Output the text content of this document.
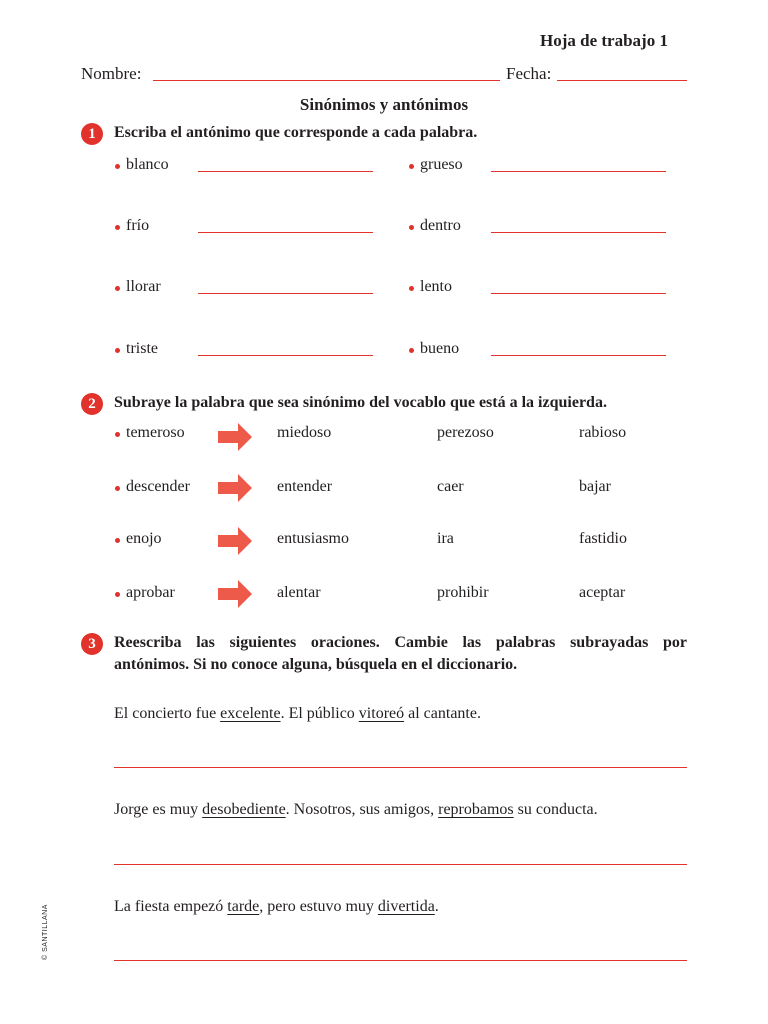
Hoja de trabajo 1
Nombre:	Fecha:
Sinónimos y antónimos
1	Escriba el antónimo que corresponde a cada palabra.
blanco
frío
llorar
triste
grueso
dentro
lento
bueno
2	Subraye la palabra que sea sinónimo del vocablo que está a la izquierda.
temeroso	miedoso	perezoso	rabioso
descender	entender	caer	bajar
enojo	entusiasmo	ira	fastidio
aprobar	alentar	prohibir	aceptar
3	Reescriba las siguientes oraciones. Cambie las palabras subrayadas por
antónimos. Si no conoce alguna, búsquela en el diccionario.
El concierto fue excelente. El público vitoreó al cantante.
Jorge es muy desobediente. Nosotros, sus amigos, reprobamos su conducta.
La fiesta empezó tarde, pero estuvo muy divertida.
© SANTILLANA
